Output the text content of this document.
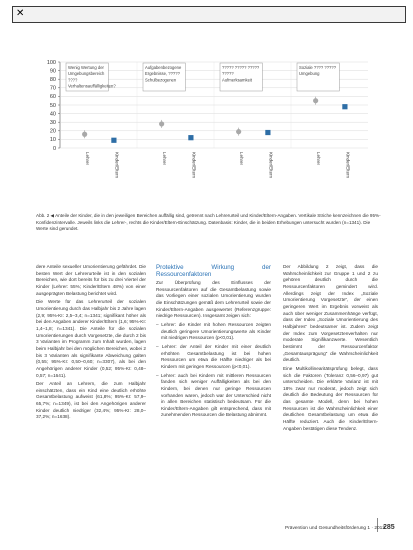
✕
0
10
20
30
40
50
60
70
80
90
100
Wenig Wertung der
Umgebungsbereich
????
Verhaltensauffälligkeiten?
Lehrer	Kinder/Eltern
Aufgabenbezogene
Ergebnisse, ?????
Schulbezogenen
Lehrer	Kinder/Eltern
????? ????? ?????
?????
Aufmerksamkeit
Lehrer	Kinder/Eltern
Soziale ???? ?????
Umgebung
Lehrer	Kinder/Eltern

Abb. 2 ◀ Anteile der Kinder, die in den jeweiligen Bereichen auffällig sind, getrennt nach Lehrerurteil und Kinder/Eltern-Angaben. Vertikale Striche kennzeichnen die 95%-Konfidenzintervalle. Jeweils links die Lehrer-, rechts die Kinder/Eltern-Einschätzung. Datenbasis: Kinder, die in beiden Erhebungen untersucht wurden (n=1341). Die Werte sind gerundet.

dere Anteile sexueller Umorientierung gefährdet. Die besten Wert der Lehrerurteile ist in den sozialen Bereichen, wie dort bereits für bis zu drei Viertel der Kinder (Lehrer: 55%; Kinder/Eltern 48%) von einer ausgeprägten Belastung berichtet wird.

Die Werte für das Lehrerurteil der sozialen Umorientierung durch das Halbjahr bis 2 Jahre lagen (2,9; 95%-KI: 2,5–3,4; n=1341; signifikant höher als bei den Angaben anderer Kinder/Eltern (1,6; 95%-KI: 1,4–1,8; n=1341). Die Anteile für die sozialen Umorientierungen durch Vorgesetzte, die durch 2 bis 3 Varianten im Programm zum Inhalt wurden, lagen beim Halbjahr bei den möglichen Bereichen, wobei 2 bis 3 Varianten als signifikante Abweichung galten (0,55; 95%-KI: 0,50–0,60; n=3307), als bei den Angehörigen anderer Kinder (0,52; 95%-KI: 0,48–0,57; n=1641).

Der Anteil an Lehrern, die zum Halbjahr einschätzten, dass ein Kind eine deutlich erhöhte Gesamtbelastung aufweist (61,8%; 95%-KI: 57,9–65,7%; n=1349), ist bei den Angehörigen anderer Kinder deutlich niedriger (32,4%; 95%-KI: 28,0–37,2%; n=1638).

Protektive Wirkung der Ressourcenfaktoren

Zur Überprüfung des Einflusses der Ressourcenfaktoren auf die Gesamtbelastung sowie das Vorliegen einer sozialen Umorientierung wurden die Einschätzungen gemäß dem Lehrerurteil sowie der Kinder/Eltern-Angaben ausgewertet (Referenzgruppe: niedrige Ressourcen). Insgesamt zeigen sich:

– Lehrer: die Kinder mit hohen Ressourcen zeigten deutlich geringere Umorientierungswerte als Kinder mit niedrigen Ressourcen (p<0,01).
– Lehrer: der Anteil der Kinder mit einer deutlich erhöhten Gesamtbelastung ist bei hohen Ressourcen um etwa die Hälfte niedriger als bei Kindern mit geringen Ressourcen (p<0,01).
– Lehrer: auch bei Kindern mit mittleren Ressourcen fanden sich weniger Auffälligkeiten als bei den Kindern, bei denen nur geringe Ressourcen vorhanden waren, jedoch war der Unterschied nicht in allen Bereichen statistisch bedeutsam. Für die Kinder/Eltern-Angaben gilt entsprechend, dass mit zunehmenden Ressourcen die Belastung abnimmt.

Der Abbildung 2 zeigt, dass die Wahrscheinlichkeit zur Gruppe 1 und 2 zu gehören deutlich durch die Ressourcenfaktoren gemindert wird. Allerdings zeigt der Index „Soziale Umorientierung Vorgesetzte“, der einen geringeren Wert im Ergebnis vorweist als auch über weniger Zusammenhänge verfügt, dass der Index „Soziale Umorientierung des Halbjahres“ bedeutsamer ist. Zudem zeigt der Index zum Vorgesetztenverhalten nur moderate Signifikanzwerte. Wesentlich bestimmt der Ressourcenfaktor „Gesamtausprägung“ die Wahrscheinlichkeit deutlich.

Eine Multikollinearitätsprüfung belegt, dass sich die Faktoren (Toleranz 0,56–0,97) gut unterscheiden. Die erklärte Varianz ist mit 18% zwar nur moderat, jedoch zeigt sich deutlich die Bedeutung der Ressourcen für das gesamte Modell, denn bei hohen Ressourcen ist die Wahrscheinlichkeit einer deutlichen Gesamtbelastung um etwa die Hälfte reduziert. Auch die Kinder/Eltern-Angaben bestätigen diese Tendenz.

Prävention und Gesundheitsförderung 1 · 2013
285
